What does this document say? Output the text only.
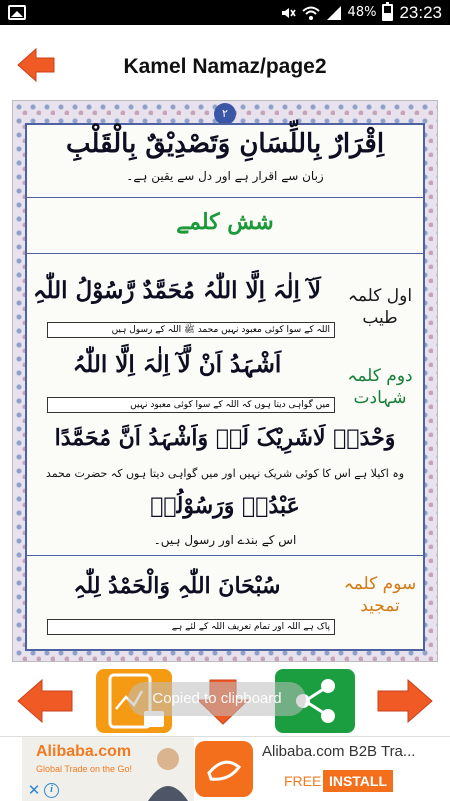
48% 23:23
Kamel Namaz/page2
٢
اِقْرَارٌ بِاللِّسَانِ وَتَصْدِيْقٌ بِالْقَلْبِ
زبان سے اقرار ہے اور دل سے یقین ہے۔
شش کلمے
اول کلمہ طیب
لَآ اِلٰہَ اِلَّا اللّٰہُ مُحَمَّدٌ رَّسُوْلُ اللّٰہِ
اللہ کے سوا کوئی معبود نہیں محمد ﷺ اللہ کے رسول ہیں
دوم کلمہ شہادت
اَشْہَدُ اَنْ لَّآ اِلٰہَ اِلَّا اللّٰہُ
میں گواہی دیتا ہوں کہ اللہ کے سوا کوئی معبود نہیں
وَحْدَہٗ لَاشَرِیْکَ لَہٗ وَاَشْہَدُ اَنَّ مُحَمَّدًا
وہ اکیلا ہے اس کا کوئی شریک نہیں اور میں گواہی دیتا ہوں کہ حضرت محمد
عَبْدُہٗ وَرَسُوْلُہٗ
اس کے بندے اور رسول ہیں۔
سوم کلمہ تمجید
سُبْحَانَ اللّٰہِ وَالْحَمْدُ لِلّٰہِ
پاک ہے اللہ اور تمام تعریف اللہ کے لئے ہے
Copied to clipboard
Alibaba.com
Global Trade on the Go!
✕ i
Alibaba.com B2B Tra...
FREE INSTALL
